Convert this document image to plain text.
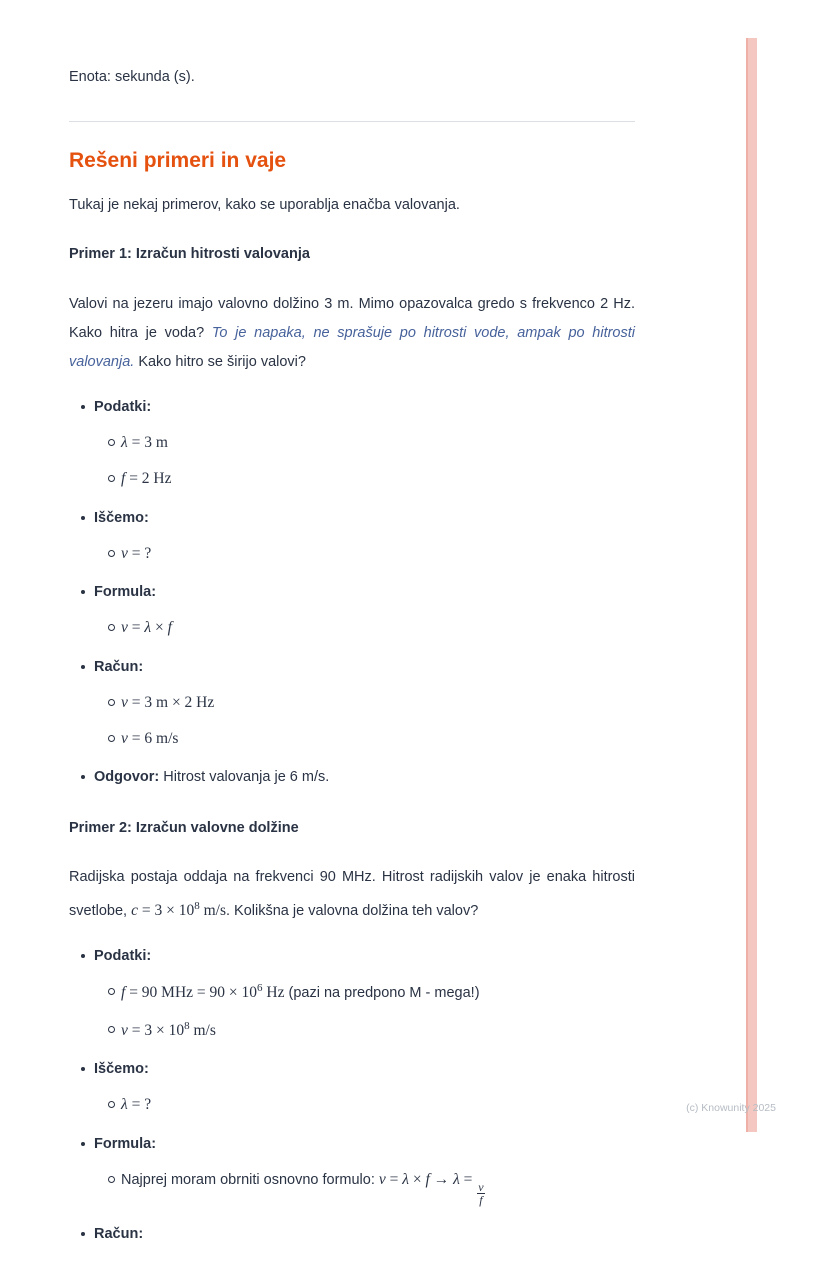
Enota: sekunda (s).

Rešeni primeri in vaje

Tukaj je nekaj primerov, kako se uporablja enačba valovanja.

Primer 1: Izračun hitrosti valovanja

Valovi na jezeru imajo valovno dolžino 3 m. Mimo opazovalca gredo s frekvenco 2 Hz. Kako hitra je voda? To je napaka, ne sprašuje po hitrosti vode, ampak po hitrosti valovanja. Kako hitro se širijo valovi?

Podatki:
λ = 3 m
f = 2 Hz
Iščemo:
v = ?
Formula:
v = λ × f
Račun:
v = 3 m × 2 Hz
v = 6 m/s
Odgovor: Hitrost valovanja je 6 m/s.
Primer 2: Izračun valovne dolžine

Radijska postaja oddaja na frekvenci 90 MHz. Hitrost radijskih valov je enaka hitrosti svetlobe, $c = 3 \times 10^8$ m/s. Kolikšna je valovna dolžina teh valov?

Podatki:
f = 90 MHz = $90 \times 10^6$ Hz (pazi na predpono M - mega!)
$v = 3 \times 10^8$ m/s
Iščemo:
λ = ?
Formula:
Najprej moram obrniti osnovno formulo: v = λ × f → λ =
$\frac{v}{f}$
Račun:
(c) Knowunity 2025
